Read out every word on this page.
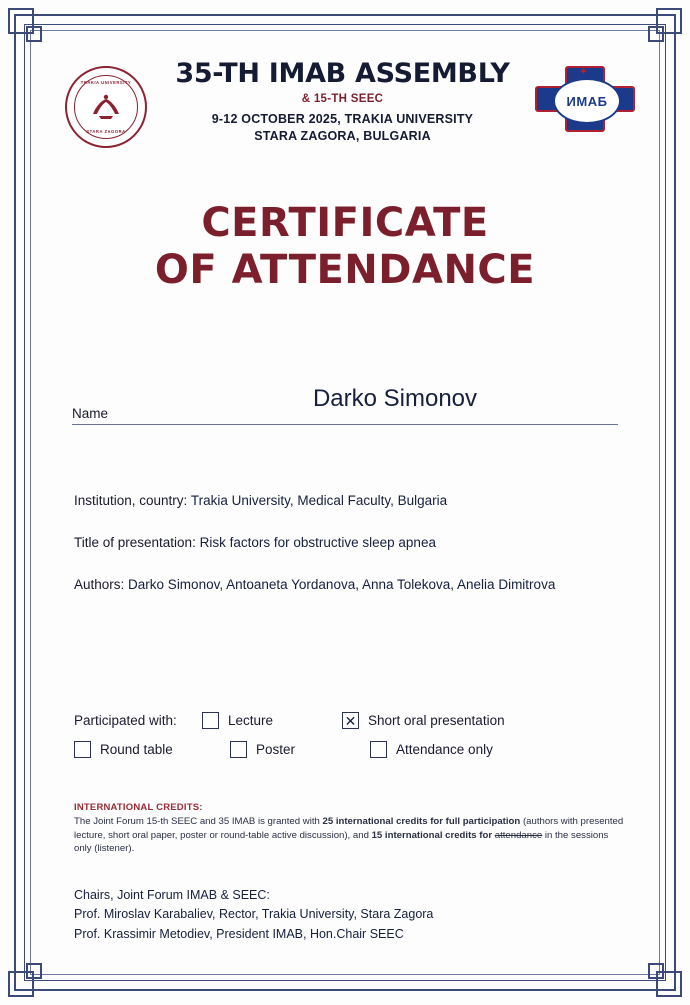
TRAKIA UNIVERSITY
STARA ZAGORA
35-TH IMAB ASSEMBLY
& 15-TH SEEC
9-12 OCTOBER 2025, TRAKIA UNIVERSITY
STARA ZAGORA, BULGARIA
✦
ИМАБ
CERTIFICATE
OF ATTENDANCE
Name
Darko Simonov
Institution, country: Trakia University, Medical Faculty, Bulgaria
Title of presentation: Risk factors for obstructive sleep apnea
Authors: Darko Simonov, Antoaneta Yordanova, Anna Tolekova, Anelia Dimitrova
Participated with:	Lecture	✕ Short oral presentation
Round table	Poster	Attendance only
INTERNATIONAL CREDITS:
The Joint Forum 15-th SEEC and 35 IMAB is granted with 25 international credits for full participation (authors with presented lecture, short oral paper, poster or round-table active discussion), and 15 international credits for attendance in the sessions only (listener).
Chairs, Joint Forum IMAB & SEEC:
Prof. Miroslav Karabaliev, Rector, Trakia University, Stara Zagora
Prof. Krassimir Metodiev, President IMAB, Hon.Chair SEEC
